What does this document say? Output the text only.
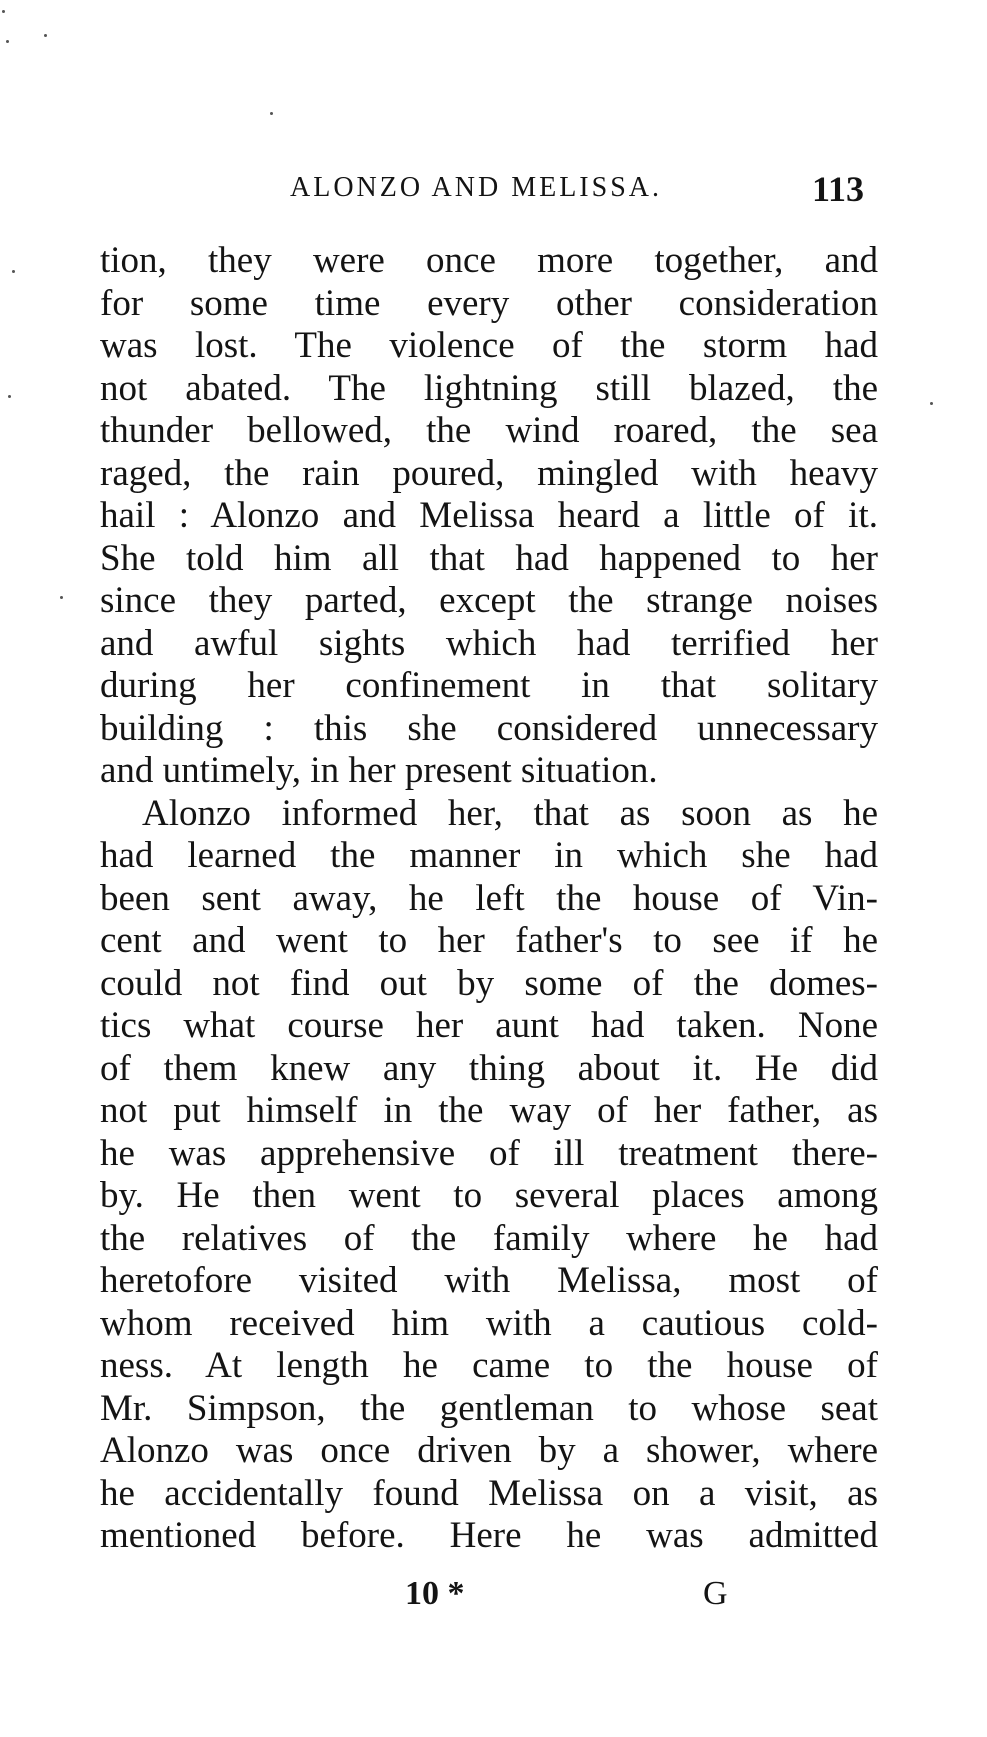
ALONZO AND MELISSA.	113
tion, they were once more together, and
for some time every other consideration
was lost. The violence of the storm had
not abated. The lightning still blazed, the
thunder bellowed, the wind roared, the sea
raged, the rain poured, mingled with heavy
hail : Alonzo and Melissa heard a little of it.
She told him all that had happened to her
since they parted, except the strange noises
and awful sights which had terrified her
during her confinement in that solitary
building : this she considered unnecessary
and untimely, in her present situation.
Alonzo informed her, that as soon as he
had learned the manner in which she had
been sent away, he left the house of Vin-
cent and went to her father's to see if he
could not find out by some of the domes-
tics what course her aunt had taken. None
of them knew any thing about it. He did
not put himself in the way of her father, as
he was apprehensive of ill treatment there-
by. He then went to several places among
the relatives of the family where he had
heretofore visited with Melissa, most of
whom received him with a cautious cold-
ness. At length he came to the house of
Mr. Simpson, the gentleman to whose seat
Alonzo was once driven by a shower, where
he accidentally found Melissa on a visit, as
mentioned before. Here he was admitted
10 *	G
